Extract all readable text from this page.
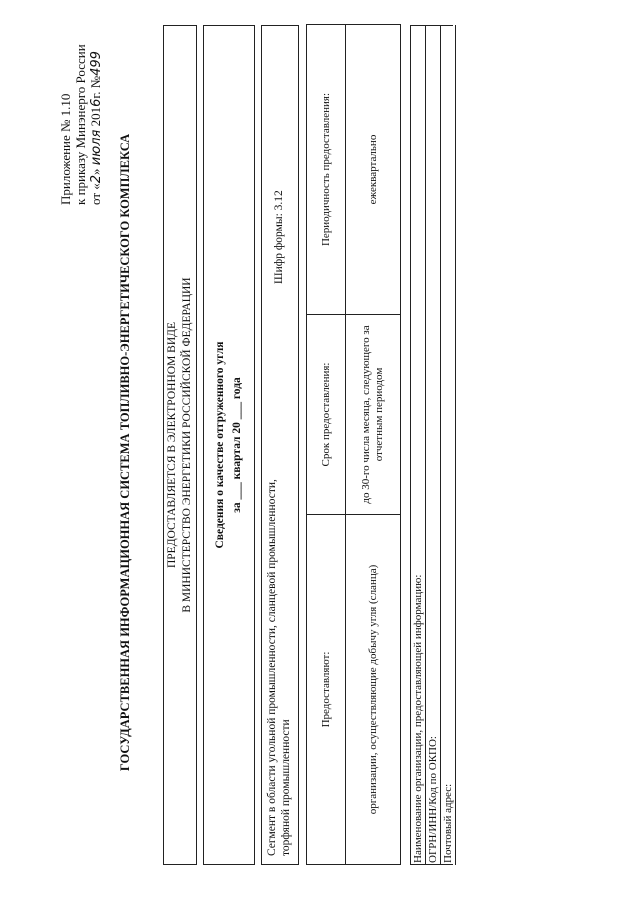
Приложение № 1.10 к приказу Минэнерго России от «2» июля 2016г. №499
ГОСУДАРСТВЕННАЯ ИНФОРМАЦИОННАЯ СИСТЕМА ТОПЛИВНО-ЭНЕРГЕТИЧЕСКОГО КОМПЛЕКСА	ПРЕДОСТАВЛЯЕТСЯ В ЭЛЕКТРОННОМ ВИДЕ В МИНИСТЕРСТВО ЭНЕРГЕТИКИ РОССИЙСКОЙ ФЕДЕРАЦИИ Сведения о качестве отгруженного угля за ___ квартал 20 ___ года
Сегмент в области угольной промышленности, сланцевой промышленности, торфяной промышленности
Шифр формы: 3.12
Предоставляют:	Срок предоставления:	Периодичность предоставления:
организации, осуществляющие добычу угля (сланца)	до 30-го числа месяца, следующего за отчетным периодом	ежеквартально
Наименование организации, предоставляющей информацию: ОГРН/ИНН/Код по ОКПО: Почтовый адрес:
